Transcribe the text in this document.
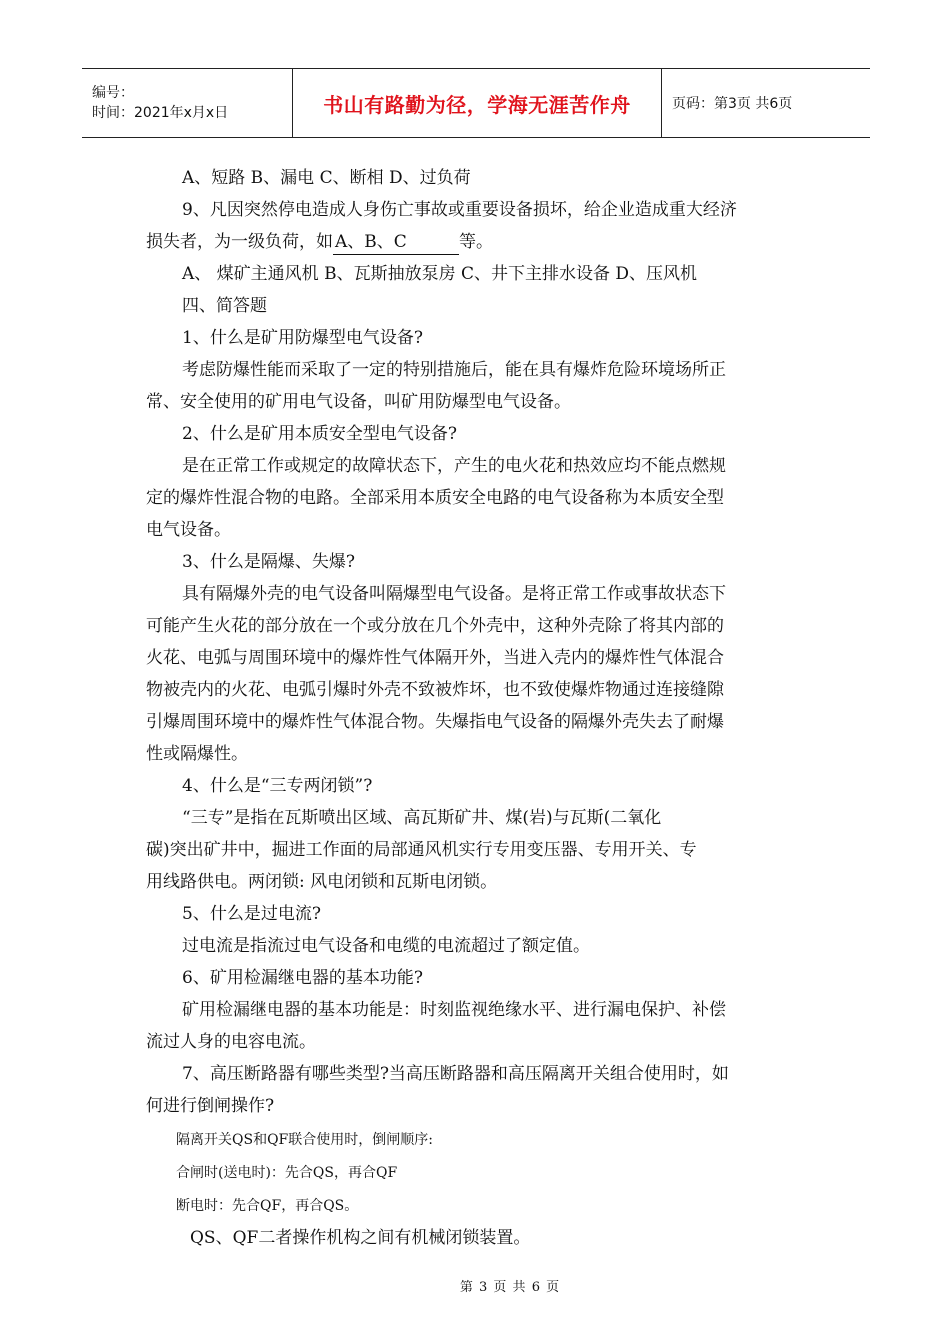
编号：
时间：2021年x月x日	书山有路勤为径，学海无涯苦作舟	页码：第3页 共6页
A、短路 B、漏电 C、断相 D、过负荷
9、凡因突然停电造成人身伤亡事故或重要设备损坏，给企业造成重大经济
损失者，为一级负荷，如 A、B、C	等。
A、 煤矿主通风机 B、瓦斯抽放泵房 C、井下主排水设备 D、压风机
四、简答题
1、什么是矿用防爆型电气设备?
考虑防爆性能而采取了一定的特别措施后，能在具有爆炸危险环境场所正
常、安全使用的矿用电气设备，叫矿用防爆型电气设备。
2、什么是矿用本质安全型电气设备?
是在正常工作或规定的故障状态下，产生的电火花和热效应均不能点燃规
定的爆炸性混合物的电路。全部采用本质安全电路的电气设备称为本质安全型
电气设备。
3、什么是隔爆、失爆?
具有隔爆外壳的电气设备叫隔爆型电气设备。是将正常工作或事故状态下
可能产生火花的部分放在一个或分放在几个外壳中，这种外壳除了将其内部的
火花、电弧与周围环境中的爆炸性气体隔开外，当进入壳内的爆炸性气体混合
物被壳内的火花、电弧引爆时外壳不致被炸坏，也不致使爆炸物通过连接缝隙
引爆周围环境中的爆炸性气体混合物。失爆指电气设备的隔爆外壳失去了耐爆
性或隔爆性。
4、什么是“三专两闭锁”?
“三专”是指在瓦斯喷出区域、高瓦斯矿井、煤(岩)与瓦斯(二氧化
碳)突出矿井中，掘进工作面的局部通风机实行专用变压器、专用开关、专
用线路供电。两闭锁: 风电闭锁和瓦斯电闭锁。
5、什么是过电流?
过电流是指流过电气设备和电缆的电流超过了额定值。
6、矿用检漏继电器的基本功能?
矿用检漏继电器的基本功能是：时刻监视绝缘水平、进行漏电保护、补偿
流过人身的电容电流。
7、高压断路器有哪些类型?当高压断路器和高压隔离开关组合使用时，如
何进行倒闸操作?
隔离开关QS和QF联合使用时，倒闸顺序:
合闸时(送电时)：先合QS，再合QF
断电时：先合QF，再合QS。
QS、QF二者操作机构之间有机械闭锁装置。
第 3 页 共 6 页
